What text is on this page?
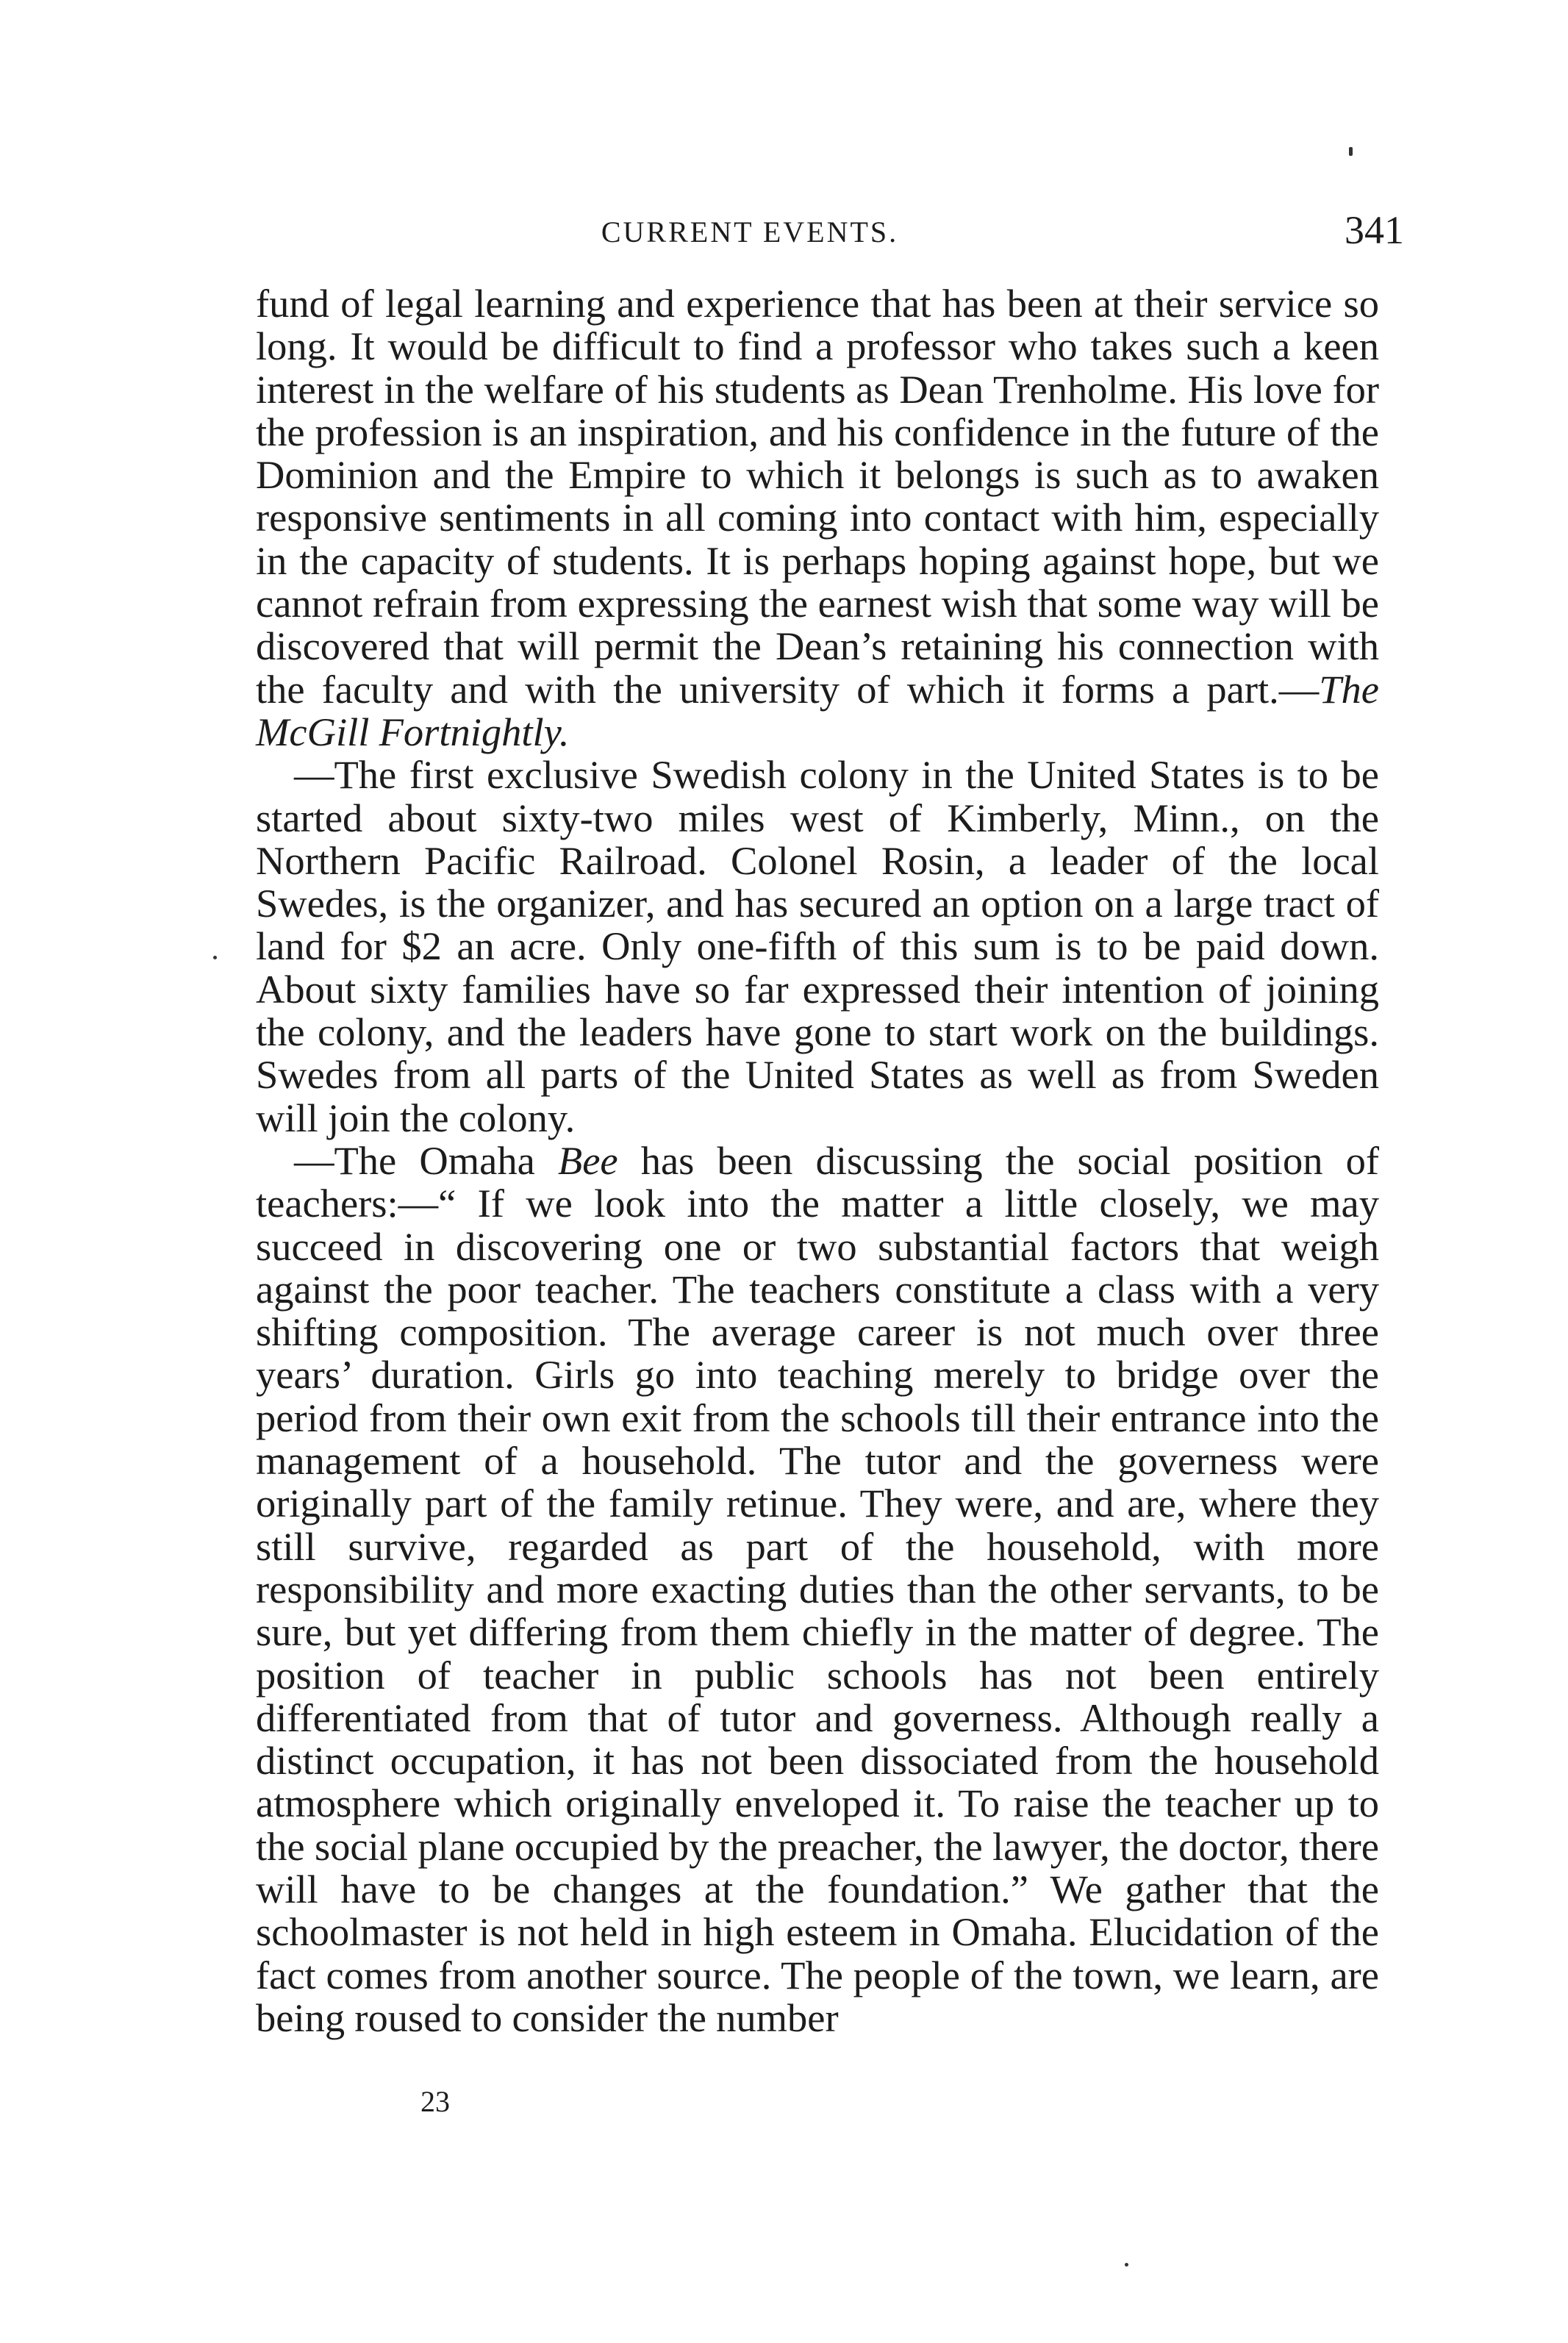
CURRENT EVENTS.	341

fund of legal learning and experience that has been at their service so long. It would be difficult to find a professor who takes such a keen interest in the welfare of his students as Dean Trenholme. His love for the profession is an inspiration, and his confidence in the future of the Dominion and the Empire to which it belongs is such as to awaken responsive sentiments in all coming into contact with him, especially in the capacity of students. It is perhaps hoping against hope, but we cannot refrain from expressing the earnest wish that some way will be discovered that will permit the Dean’s retaining his connection with the faculty and with the university of which it forms a part.—The McGill Fortnightly.

—The first exclusive Swedish colony in the United States is to be started about sixty-two miles west of Kimberly, Minn., on the Northern Pacific Railroad. Colonel Rosin, a leader of the local Swedes, is the organizer, and has secured an option on a large tract of land for $2 an acre. Only one-fifth of this sum is to be paid down. About sixty families have so far expressed their intention of joining the colony, and the leaders have gone to start work on the buildings. Swedes from all parts of the United States as well as from Sweden will join the colony.

—The Omaha Bee has been discussing the social position of teachers:—“ If we look into the matter a little closely, we may succeed in discovering one or two substantial factors that weigh against the poor teacher. The teachers constitute a class with a very shifting composition. The average career is not much over three years’ duration. Girls go into teaching merely to bridge over the period from their own exit from the schools till their entrance into the management of a household. The tutor and the governess were originally part of the family retinue. They were, and are, where they still survive, regarded as part of the household, with more responsibility and more exacting duties than the other servants, to be sure, but yet differing from them chiefly in the matter of degree. The position of teacher in public schools has not been entirely differentiated from that of tutor and governess. Although really a distinct occupation, it has not been dissociated from the household atmosphere which originally enveloped it. To raise the teacher up to the social plane occupied by the preacher, the lawyer, the doctor, there will have to be changes at the foundation.” We gather that the schoolmaster is not held in high esteem in Omaha. Elucidation of the fact comes from another source. The people of the town, we learn, are being roused to consider the number

23
